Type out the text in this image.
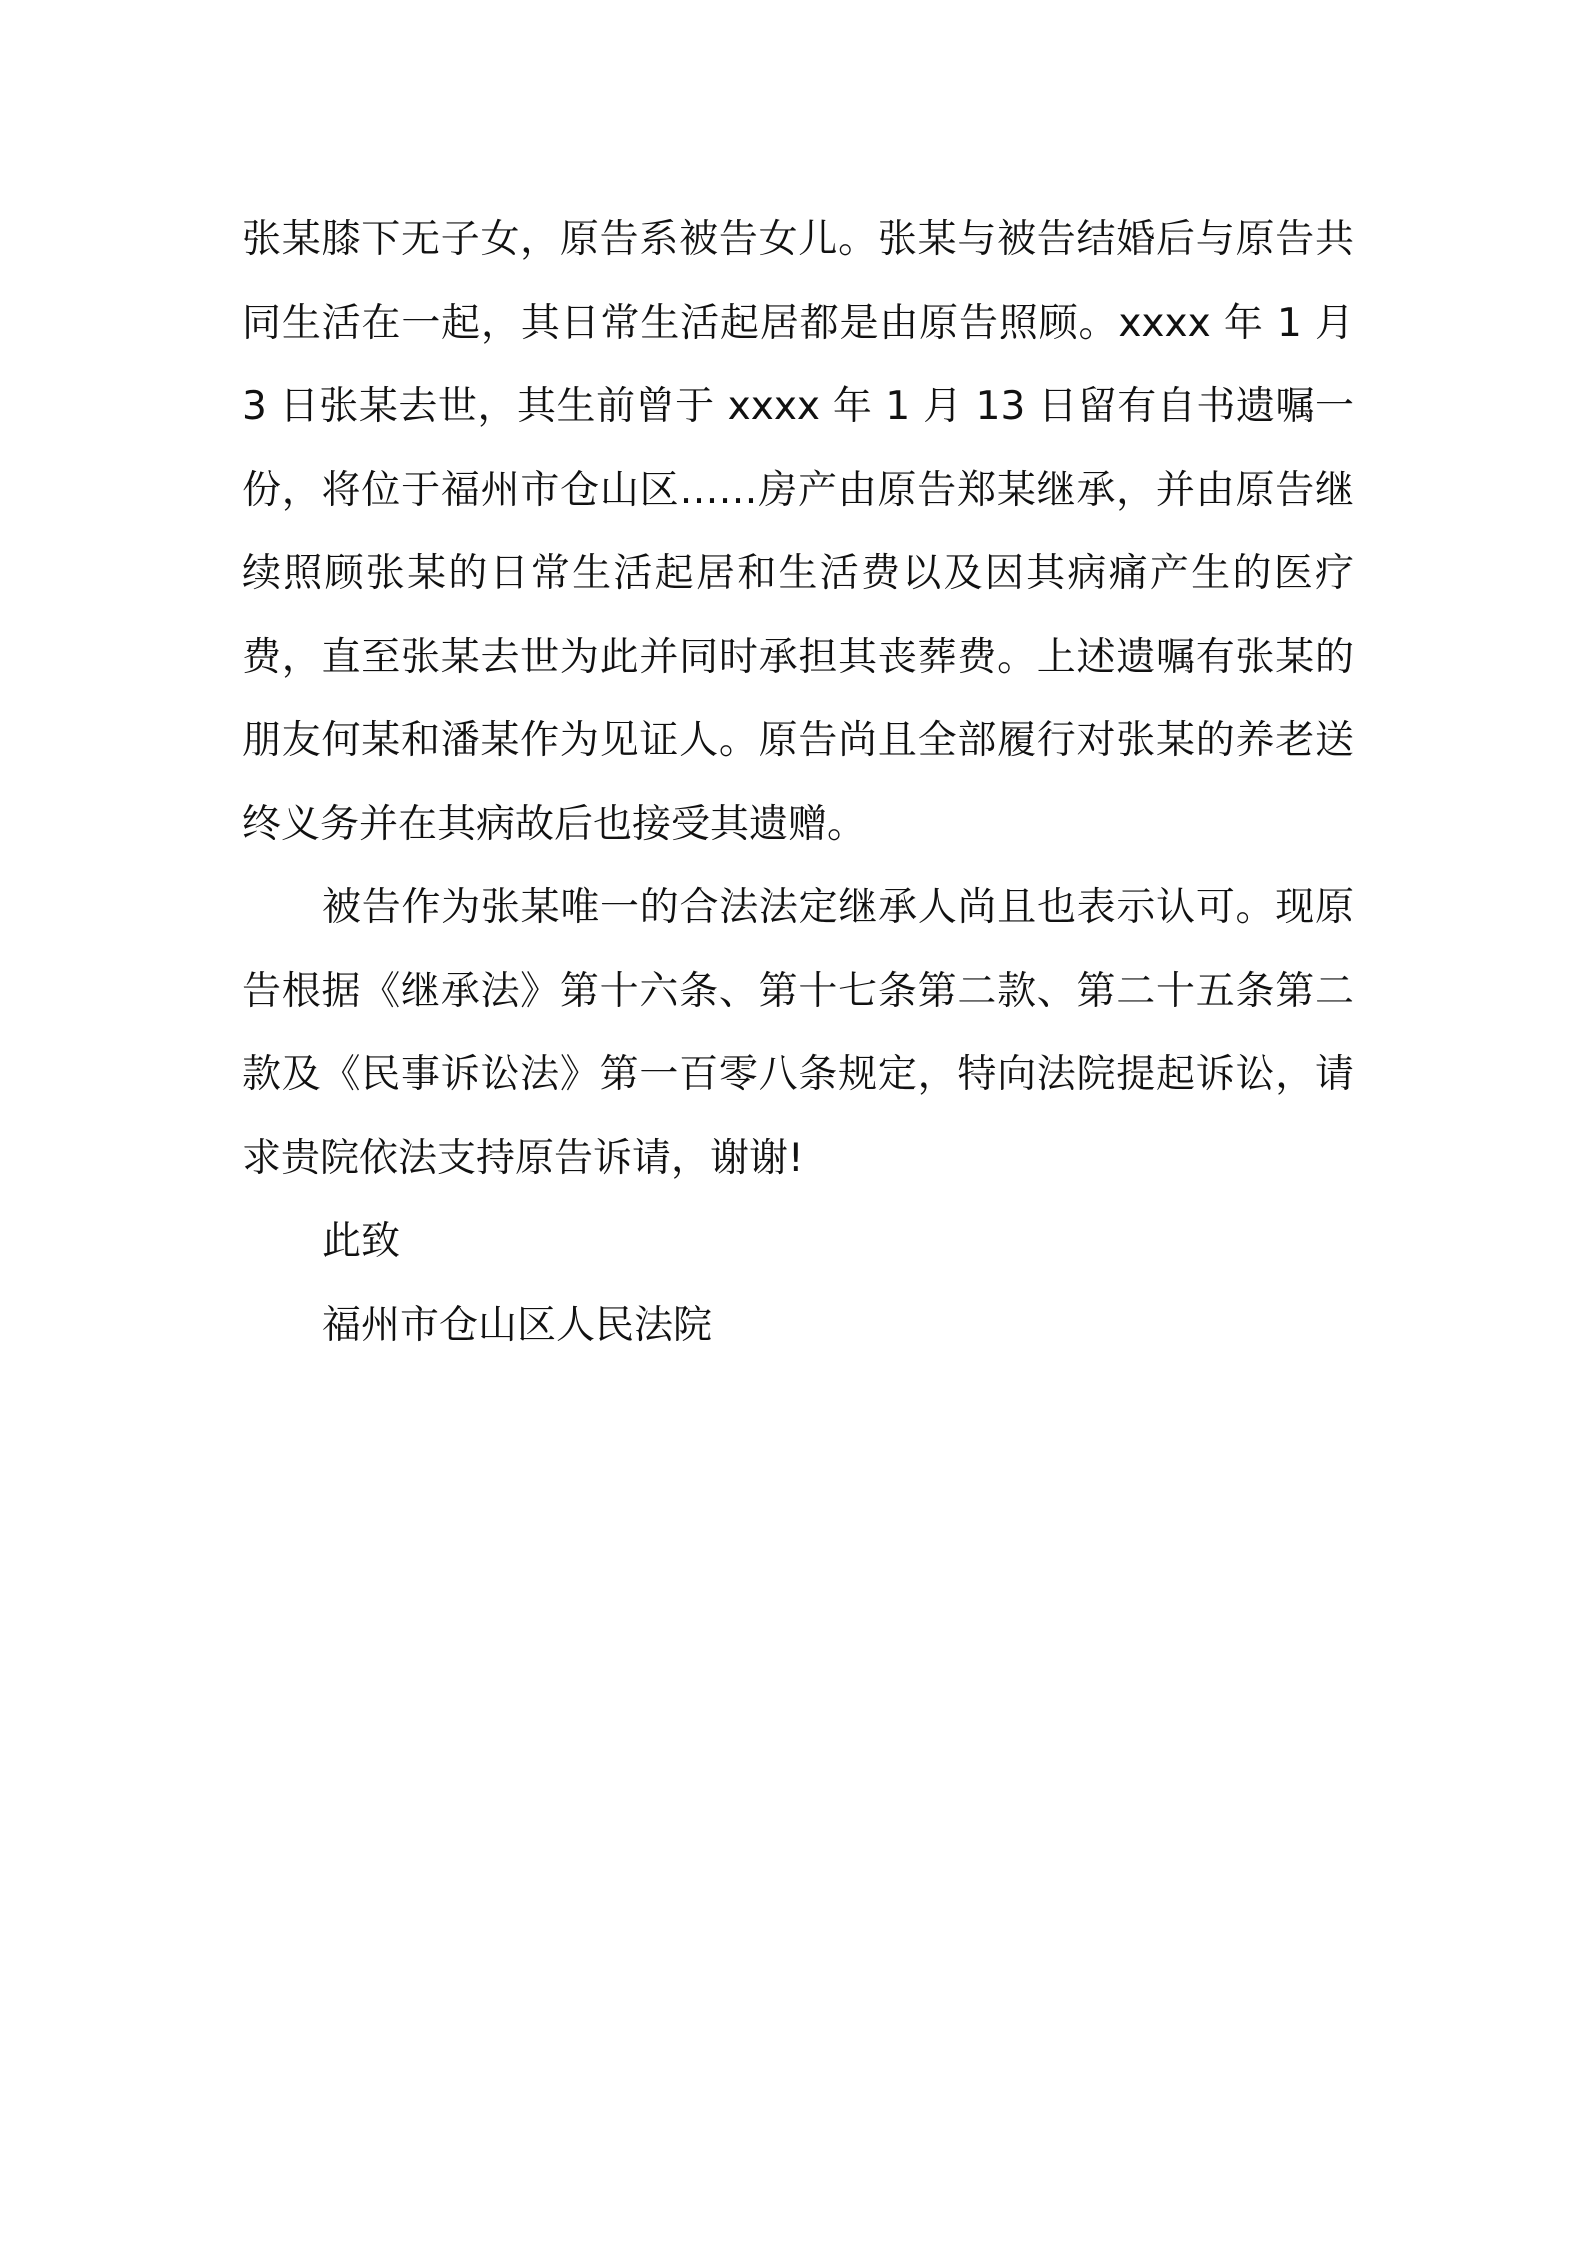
张某膝下无子女，原告系被告女儿。张某与被告结婚后与原告共同生活在一起，其日常生活起居都是由原告照顾。xxxx 年 1 月 3 日张某去世，其生前曾于 xxxx 年 1 月 13 日留有自书遗嘱一份，将位于福州市仓山区……房产由原告郑某继承，并由原告继续照顾张某的日常生活起居和生活费以及因其病痛产生的医疗费，直至张某去世为此并同时承担其丧葬费。上述遗嘱有张某的朋友何某和潘某作为见证人。原告尚且全部履行对张某的养老送终义务并在其病故后也接受其遗赠。

被告作为张某唯一的合法法定继承人尚且也表示认可。现原告根据《继承法》第十六条、第十七条第二款、第二十五条第二款及《民事诉讼法》第一百零八条规定，特向法院提起诉讼，请求贵院依法支持原告诉请，谢谢!

此致

福州市仓山区人民法院
